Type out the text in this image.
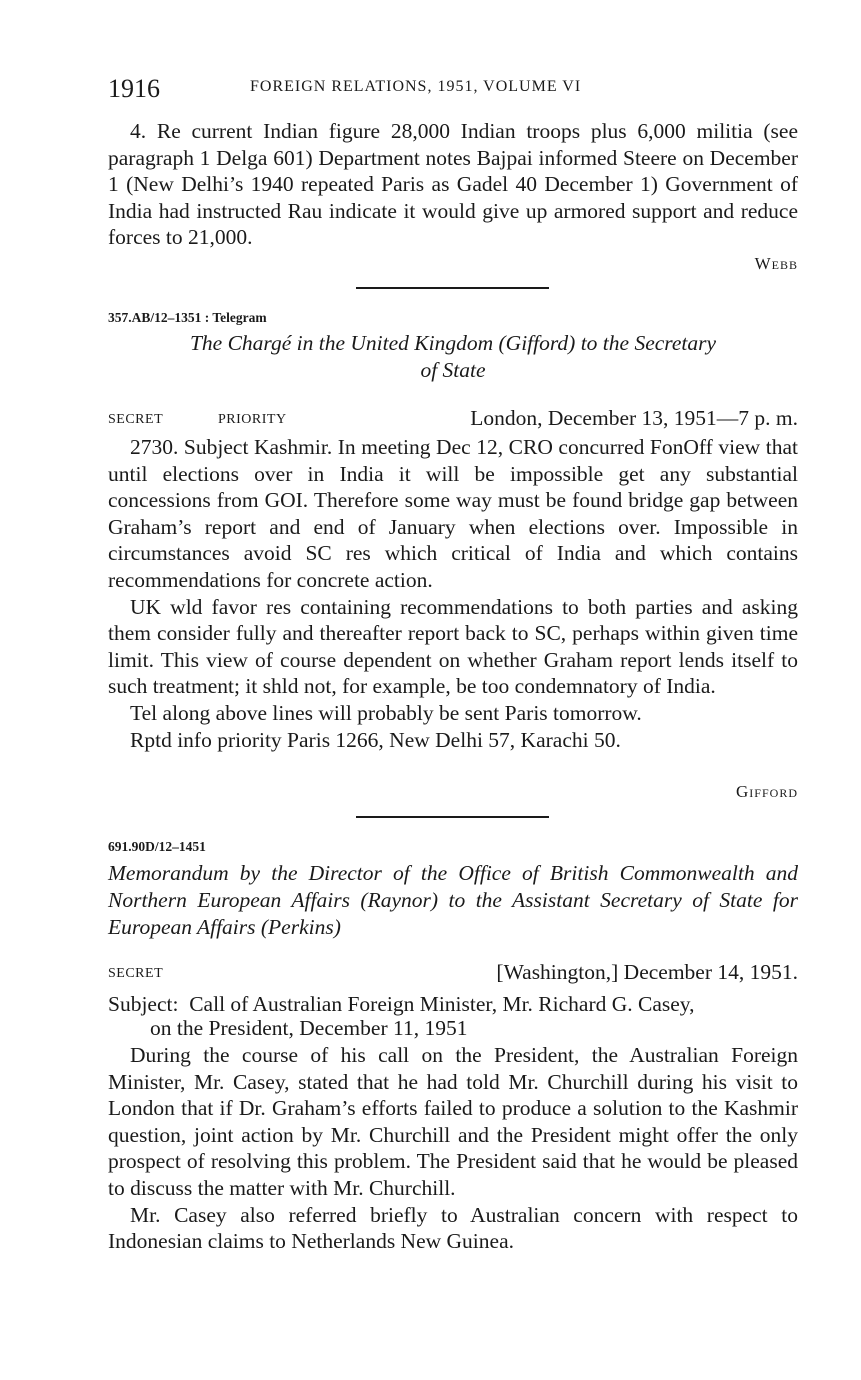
1916	FOREIGN RELATIONS, 1951, VOLUME VI

4. Re current Indian figure 28,000 Indian troops plus 6,000 militia (see paragraph 1 Delga 601) Department notes Bajpai informed Steere on December 1 (New Delhi’s 1940 repeated Paris as Gadel 40 December 1) Government of India had instructed Rau indicate it would give up armored support and reduce forces to 21,000.

Webb
357.AB/12–1351 : Telegram
The Chargé in the United Kingdom (Gifford) to the Secretary
of State
SECRET	PRIORITY	London, December 13, 1951—7 p. m.

2730. Subject Kashmir. In meeting Dec 12, CRO concurred FonOff view that until elections over in India it will be impossible get any substantial concessions from GOI. Therefore some way must be found bridge gap between Graham’s report and end of January when elections over. Impossible in circumstances avoid SC res which critical of India and which contains recommendations for concrete action.

UK wld favor res containing recommendations to both parties and asking them consider fully and thereafter report back to SC, perhaps within given time limit. This view of course dependent on whether Graham report lends itself to such treatment; it shld not, for example, be too condemnatory of India.

Tel along above lines will probably be sent Paris tomorrow.

Rptd info priority Paris 1266, New Delhi 57, Karachi 50.

Gifford
691.90D/12–1451
Memorandum by the Director of the Office of British Commonwealth and Northern European Affairs (Raynor) to the Assistant Secretary of State for European Affairs (Perkins)
SECRET	[Washington,] December 14, 1951.
Subject: Call of Australian Foreign Minister, Mr. Richard G. Casey,
on the President, December 11, 1951

During the course of his call on the President, the Australian Foreign Minister, Mr. Casey, stated that he had told Mr. Churchill during his visit to London that if Dr. Graham’s efforts failed to produce a solution to the Kashmir question, joint action by Mr. Churchill and the President might offer the only prospect of resolving this problem. The President said that he would be pleased to discuss the matter with Mr. Churchill.

Mr. Casey also referred briefly to Australian concern with respect to Indonesian claims to Netherlands New Guinea.
